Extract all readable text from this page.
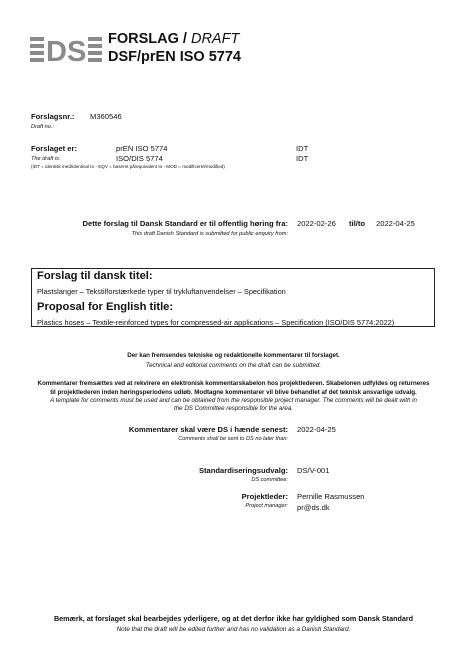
DS FORSLAG / DRAFT
DSF/prEN ISO 5774
Forslagsnr.: M360546
Draft no.:
Forslaget er:	prEN ISO 5774	IDT
The draft is:	ISO/DIS 5774	IDT
(IDT = identisk med/identical to - EQV = baseret på/equivalent to - MOD = modificeret/modified)
Dette forslag til Dansk Standard er til offentlig høring fra:
This draft Danish Standard is submitted for public enquiry from:
2022-02-26 til/to 2022-04-25
Forslag til dansk titel:
Plastslanger – Tekstilforstærkede typer til trykluftanvendelser – Specifikation
Proposal for English title:
Plastics hoses – Textile-reinforced types for compressed-air applications – Specification (ISO/DIS 5774:2022)
Der kan fremsendes tekniske og redaktionelle kommentarer til forslaget.
Technical and editorial comments on the draft can be submitted.
Kommentarer fremsættes ved at rekvirere en elektronisk kommentarskabelon hos projektlederen. Skabelonen udfyldes og returneres
til projektlederen inden høringsperiodens udløb. Modtagne kommentarer vil blive behandlet af det teknisk ansvarlige udvalg.
A template for comments must be used and can be obtained from the responsible project manager. The comments will be dealt with in
the DS Committee responsible for the area.
Kommentarer skal være DS i hænde senest:
Comments shall be sent to DS no later than:
2022-04-25
Standardiseringsudvalg:
DS committee:
DS/V-001
Projektleder:
Project manager:
Pernille Rasmussen
pr@ds.dk
Bemærk, at forslaget skal bearbejdes yderligere, og at det derfor ikke har gyldighed som Dansk Standard
Note that the draft will be edited further and has no validation as a Danish Standard.
